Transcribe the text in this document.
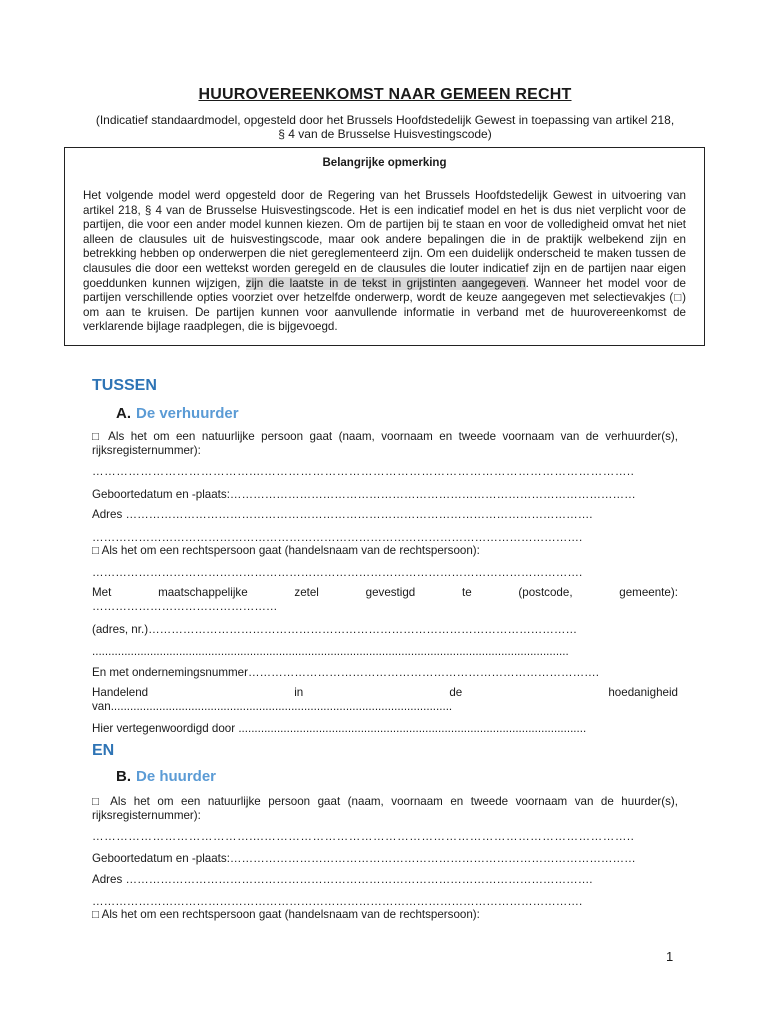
HUUROVEREENKOMST NAAR GEMEEN RECHT
(Indicatief standaardmodel, opgesteld door het Brussels Hoofdstedelijk Gewest in toepassing van artikel 218, § 4 van de Brusselse Huisvestingscode)
Belangrijke opmerking
Het volgende model werd opgesteld door de Regering van het Brussels Hoofdstedelijk Gewest in uitvoering van artikel 218, § 4 van de Brusselse Huisvestingscode. Het is een indicatief model en het is dus niet verplicht voor de partijen, die voor een ander model kunnen kiezen. Om de partijen bij te staan en voor de volledigheid omvat het niet alleen de clausules uit de huisvestingscode, maar ook andere bepalingen die in de praktijk welbekend zijn en betrekking hebben op onderwerpen die niet gereglementeerd zijn. Om een duidelijk onderscheid te maken tussen de clausules die door een wettekst worden geregeld en de clausules die louter indicatief zijn en de partijen naar eigen goeddunken kunnen wijzigen, zijn die laatste in de tekst in grijstinten aangegeven. Wanneer het model voor de partijen verschillende opties voorziet over hetzelfde onderwerp, wordt de keuze aangegeven met selectievakjes (□) om aan te kruisen. De partijen kunnen voor aanvullende informatie in verband met de huurovereenkomst de verklarende bijlage raadplegen, die is bijgevoegd.
TUSSEN
A. De verhuurder
□ Als het om een natuurlijke persoon gaat (naam, voornaam en tweede voornaam van de verhuurder(s), rijksregisternummer):
…………………………………....………………………………………………………………………………..
Geboortedatum en -plaats:……………………………………………………………………………………………
Adres ………………………………………………………………………………………………………….
……………………………………………………………………………………………………………….
□ Als het om een rechtspersoon gaat (handelsnaam van de rechtspersoon):
……………………………………………………………………………………………………………….
Met	maatschappelijke	zetel	gevestigd	te	(postcode,	gemeente):
…………………………………………
(adres, nr.)…………………………………………………………………………………………………
....................................................................................................................................................
En met ondernemingsnummer……………………………………………………………………………….
Handelend	in	de	hoedanigheid
van..........................................................................................................
Hier vertegenwoordigd door ............................................................................................................
EN
B. De huurder
□ Als het om een natuurlijke persoon gaat (naam, voornaam en tweede voornaam van de huurder(s), rijksregisternummer):
…………………………………....………………………………………………………………………………..
Geboortedatum en -plaats:……………………………………………………………………………………………
Adres ………………………………………………………………………………………………………….
……………………………………………………………………………………………………………….
□ Als het om een rechtspersoon gaat (handelsnaam van de rechtspersoon):
1
